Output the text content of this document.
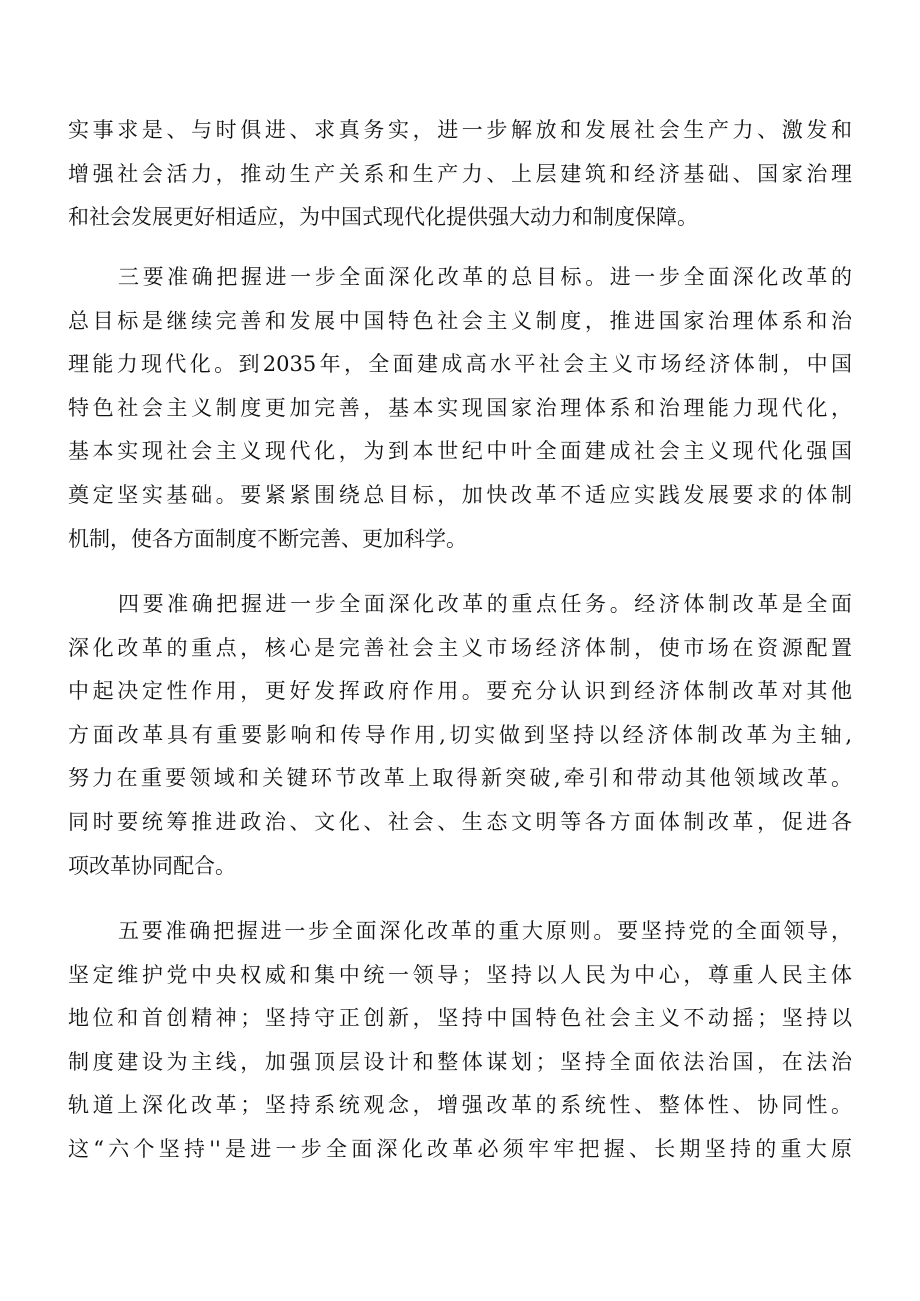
实事求是、与时俱进、求真务实，进一步解放和发展社会生产力、激发和
增强社会活力，推动生产关系和生产力、上层建筑和经济基础、国家治理
和社会发展更好相适应，为中国式现代化提供强大动力和制度保障。
三要准确把握进一步全面深化改革的总目标。进一步全面深化改革的
总目标是继续完善和发展中国特色社会主义制度，推进国家治理体系和治
理能力现代化。到2035年，全面建成高水平社会主义市场经济体制，中国
特色社会主义制度更加完善，基本实现国家治理体系和治理能力现代化，
基本实现社会主义现代化，为到本世纪中叶全面建成社会主义现代化强国
奠定坚实基础。要紧紧围绕总目标，加快改革不适应实践发展要求的体制
机制，使各方面制度不断完善、更加科学。
四要准确把握进一步全面深化改革的重点任务。经济体制改革是全面
深化改革的重点，核心是完善社会主义市场经济体制，使市场在资源配置
中起决定性作用，更好发挥政府作用。要充分认识到经济体制改革对其他
方面改革具有重要影响和传导作用,切实做到坚持以经济体制改革为主轴,
努力在重要领域和关键环节改革上取得新突破,牵引和带动其他领域改革。
同时要统筹推进政治、文化、社会、生态文明等各方面体制改革，促进各
项改革协同配合。
五要准确把握进一步全面深化改革的重大原则。要坚持党的全面领导，
坚定维护党中央权威和集中统一领导；坚持以人民为中心，尊重人民主体
地位和首创精神；坚持守正创新，坚持中国特色社会主义不动摇；坚持以
制度建设为主线，加强顶层设计和整体谋划；坚持全面依法治国，在法治
轨道上深化改革；坚持系统观念，增强改革的系统性、整体性、协同性。
这“六个坚持''是进一步全面深化改革必须牢牢把握、长期坚持的重大原
